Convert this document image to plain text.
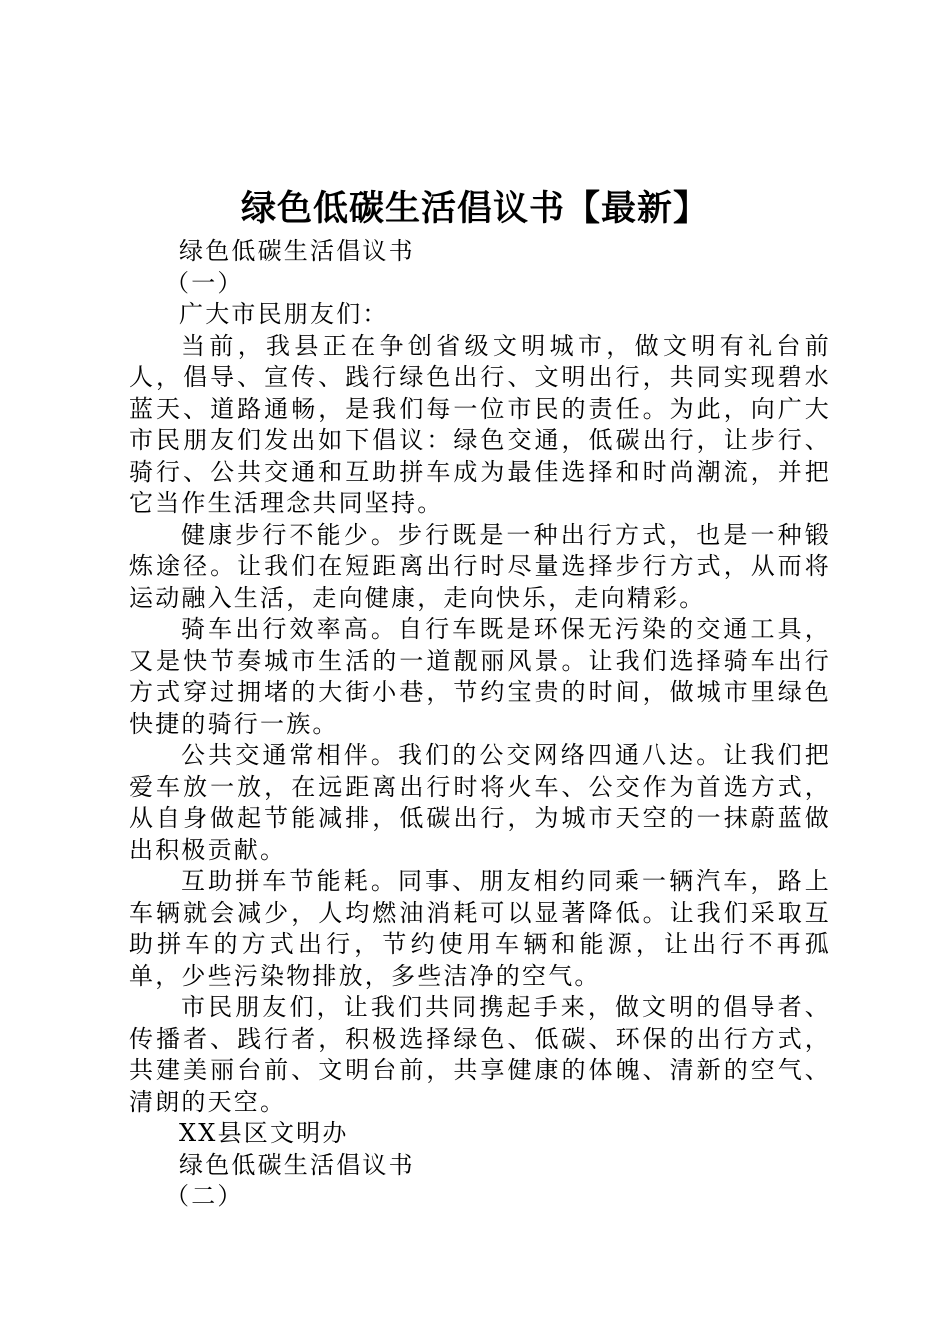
绿色低碳生活倡议书【最新】

绿色低碳生活倡议书

（一）

广大市民朋友们：

当前，我县正在争创省级文明城市，做文明有礼台前人，倡导、宣传、践行绿色出行、文明出行，共同实现碧水蓝天、道路通畅，是我们每一位市民的责任。为此，向广大市民朋友们发出如下倡议：绿色交通，低碳出行，让步行、骑行、公共交通和互助拼车成为最佳选择和时尚潮流，并把它当作生活理念共同坚持。

健康步行不能少。步行既是一种出行方式，也是一种锻炼途径。让我们在短距离出行时尽量选择步行方式，从而将运动融入生活，走向健康，走向快乐，走向精彩。

骑车出行效率高。自行车既是环保无污染的交通工具，又是快节奏城市生活的一道靓丽风景。让我们选择骑车出行方式穿过拥堵的大街小巷，节约宝贵的时间，做城市里绿色快捷的骑行一族。

公共交通常相伴。我们的公交网络四通八达。让我们把爱车放一放，在远距离出行时将火车、公交作为首选方式，从自身做起节能减排，低碳出行，为城市天空的一抹蔚蓝做出积极贡献。

互助拼车节能耗。同事、朋友相约同乘一辆汽车，路上车辆就会减少，人均燃油消耗可以显著降低。让我们采取互助拼车的方式出行，节约使用车辆和能源，让出行不再孤单，少些污染物排放，多些洁净的空气。

市民朋友们，让我们共同携起手来，做文明的倡导者、传播者、践行者，积极选择绿色、低碳、环保的出行方式，共建美丽台前、文明台前，共享健康的体魄、清新的空气、清朗的天空。

XX县区文明办

绿色低碳生活倡议书

（二）
